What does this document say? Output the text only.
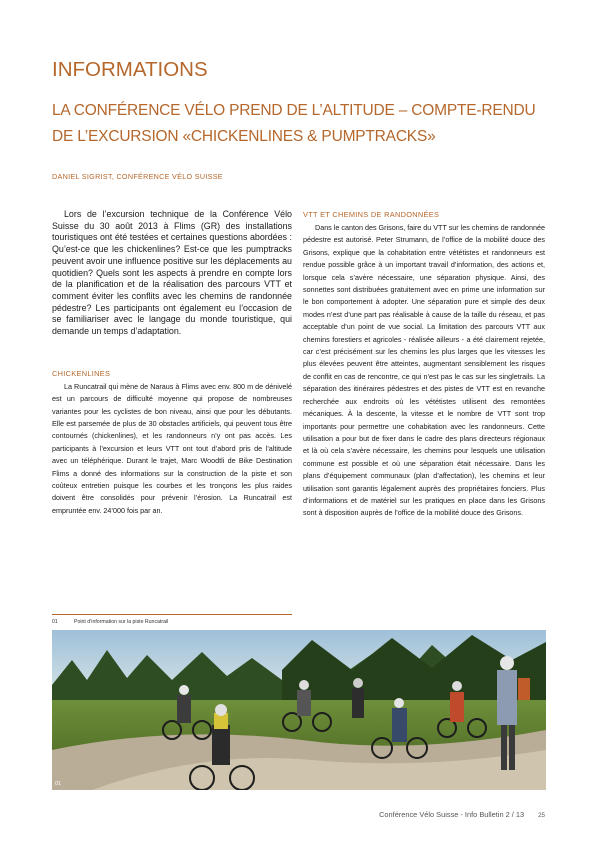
INFORMATIONS
LA CONFÉRENCE VÉLO PREND DE L’ALTITUDE – COMPTE-RENDU DE L’EXCURSION «CHICKENLINES & PUMPTRACKS»
DANIEL SIGRIST, CONFÉRENCE VÉLO SUISSE

Lors de l’excursion technique de la Conférence Vélo Suisse du 30 août 2013 à Flims (GR) des installations touristiques ont été testées et certaines questions abordées : Qu’est-ce que les chickenlines? Est-ce que les pumptracks peuvent avoir une influence positive sur les déplacements au quotidien? Quels sont les aspects à prendre en compte lors de la planification et de la réalisation des parcours VTT et comment éviter les conflits avec les chemins de randonnée pédestre? Les participants ont également eu l’occasion de se familiariser avec le langage du monde touristique, qui demande un temps d’adaptation.

CHICKENLINES

La Runcatrail qui mène de Naraus à Flims avec env. 800 m de dénivelé est un parcours de difficulté moyenne qui propose de nombreuses variantes pour les cyclistes de bon niveau, ainsi que pour les débutants. Elle est parsemée de plus de 30 obstacles artificiels, qui peuvent tous être contournés (chickenlines), et les randonneurs n’y ont pas accès. Les participants à l’excursion et leurs VTT ont tout d’abord pris de l’altitude avec un téléphérique. Durant le trajet, Marc Woodtli de Bike Destination Flims a donné des informations sur la construction de la piste et son coûteux entretien puisque les courbes et les tronçons les plus raides doivent être consolidés pour prévenir l’érosion. La Runcatrail est empruntée env. 24’000 fois par an.

VTT ET CHEMINS DE RANDONNÉES

Dans le canton des Grisons, faire du VTT sur les chemins de randonnée pédestre est autorisé. Peter Strumann, de l’office de la mobilité douce des Grisons, explique que la cohabitation entre vététistes et randonneurs est rendue possible grâce à un important travail d’information, des actions et, lorsque cela s’avère nécessaire, une séparation physique. Ainsi, des sonnettes sont distribuées gratuitement avec en prime une information sur le bon comportement à adopter. Une séparation pure et simple des deux modes n’est d’une part pas réalisable à cause de la taille du réseau, et pas acceptable d’un point de vue social. La limitation des parcours VTT aux chemins forestiers et agricoles - réalisée ailleurs - a été clairement rejetée, car c’est précisément sur les chemins les plus larges que les vitesses les plus élevées peuvent être atteintes, augmentant sensiblement les risques de conflit en cas de rencontre, ce qui n’est pas le cas sur les singletrails. La séparation des itinéraires pédestres et des pistes de VTT est en revanche recherchée aux endroits où les vététistes utilisent des remontées mécaniques. À la descente, la vitesse et le nombre de VTT sont trop importants pour permettre une cohabitation avec les randonneurs. Cette utilisation a pour but de fixer dans le cadre des plans directeurs régionaux et là où cela s’avère nécessaire, les chemins pour lesquels une utilisation commune est possible et où une séparation était nécessaire. Dans les plans d’équipement communaux (plan d’affectation), les chemins et leur utilisation sont garantis légalement auprès des propriétaires fonciers. Plus d’informations et de matériel sur les pratiques en place dans les Grisons sont à disposition auprès de l’office de la mobilité douce des Grisons.

01	Point d’information sur la piste Runcatrail
01
Conférence Vélo Suisse - Info Bulletin 2 / 13 25
